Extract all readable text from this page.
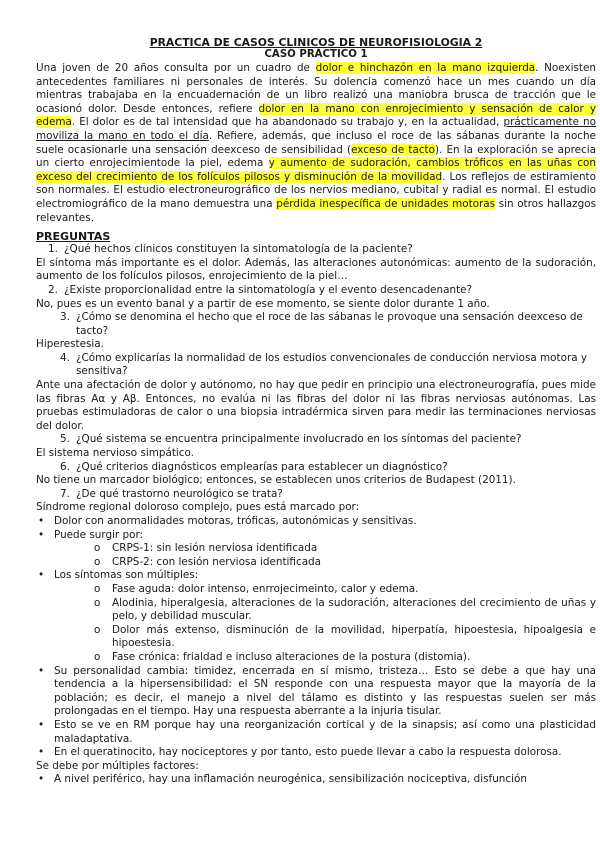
PRACTICA DE CASOS CLINICOS DE NEUROFISIOLOGIA 2
CASO PRÁCTICO 1

Una joven de 20 años consulta por un cuadro de dolor e hinchazón en la mano izquierda. Noexisten antecedentes familiares ni personales de interés. Su dolencia comenzó hace un mes cuando un día mientras trabajaba en la encuadernación de un libro realizó una maniobra brusca de tracción que le ocasionó dolor. Desde entonces, refiere dolor en la mano con enrojecimiento y sensación de calor y edema. El dolor es de tal intensidad que ha abandonado su trabajo y, en la actualidad, prácticamente no moviliza la mano en todo el día. Refiere, además, que incluso el roce de las sábanas durante la noche suele ocasionarle una sensación deexceso de sensibilidad (exceso de tacto). En la exploración se aprecia un cierto enrojecimientode la piel, edema y aumento de sudoración, cambios tróficos en las uñas con exceso del crecimiento de los folículos pilosos y disminución de la movilidad. Los reflejos de estiramiento son normales. El estudio electroneurográfico de los nervios mediano, cubital y radial es normal. El estudio electromiográfico de la mano demuestra una pérdida inespecífica de unidades motoras sin otros hallazgos relevantes.

PREGUNTAS

1. ¿Qué hechos clínicos constituyen la sintomatología de la paciente?

El síntoma más importante es el dolor. Además, las alteraciones autonómicas: aumento de la sudoración, aumento de los folículos pilosos, enrojecimiento de la piel…

2. ¿Existe proporcionalidad entre la sintomatología y el evento desencadenante?

No, pues es un evento banal y a partir de ese momento, se siente dolor durante 1 año.

3. ¿Cómo se denomina el hecho que el roce de las sábanas le provoque una sensación deexceso de tacto?

Hiperestesia.

4. ¿Cómo explicarías la normalidad de los estudios convencionales de conducción nerviosa motora y sensitiva?

Ante una afectación de dolor y autónomo, no hay que pedir en principio una electroneurografía, pues mide las fibras Aα y Aβ. Entonces, no evalúa ni las fibras del dolor ni las fibras nerviosas autónomas. Las pruebas estimuladoras de calor o una biopsia intradérmica sirven para medir las terminaciones nerviosas del dolor.

5. ¿Qué sistema se encuentra principalmente involucrado en los síntomas del paciente?

El sistema nervioso simpático.

6. ¿Qué criterios diagnósticos emplearías para establecer un diagnóstico?

No tiene un marcador biológico; entonces, se establecen unos criterios de Budapest (2011).

7. ¿De qué trastorno neurológico se trata?

Síndrome regional doloroso complejo, pues está marcado por:

• Dolor con anormalidades motoras, tróficas, autonómicas y sensitivas.
• Puede surgir por:
o CRPS-1: sin lesión nerviosa identificada
o CRPS-2: con lesión nerviosa identificada
• Los síntomas son múltiples:
o Fase aguda: dolor intenso, enrrojecimeinto, calor y edema.
o Alodinia, hiperalgesia, alteraciones de la sudoración, alteraciones del crecimiento de uñas y pelo, y debilidad muscular.
o Dolor más extenso, disminución de la movilidad, hiperpatía, hipoestesia, hipoalgesia e hipoestesia.
o Fase crónica: frialdad e incluso alteraciones de la postura (distomia).
• Su personalidad cambia: timidez, encerrada en sí mismo, tristeza… Esto se debe a que hay una tendencia a la hipersensibilidad: el SN responde con una respuesta mayor que la mayoría de la población; es decir, el manejo a nivel del tálamo es distinto y las respuestas suelen ser más prolongadas en el tiempo. Hay una respuesta aberrante a la injuria tisular.
• Esto se ve en RM porque hay una reorganización cortical y de la sinapsis; así como una plasticidad maladaptativa.
• En el queratinocito, hay nociceptores y por tanto, esto puede llevar a cabo la respuesta dolorosa.

Se debe por múltiples factores:

• A nivel periférico, hay una inflamación neurogénica, sensibilización nociceptiva, disfunción
